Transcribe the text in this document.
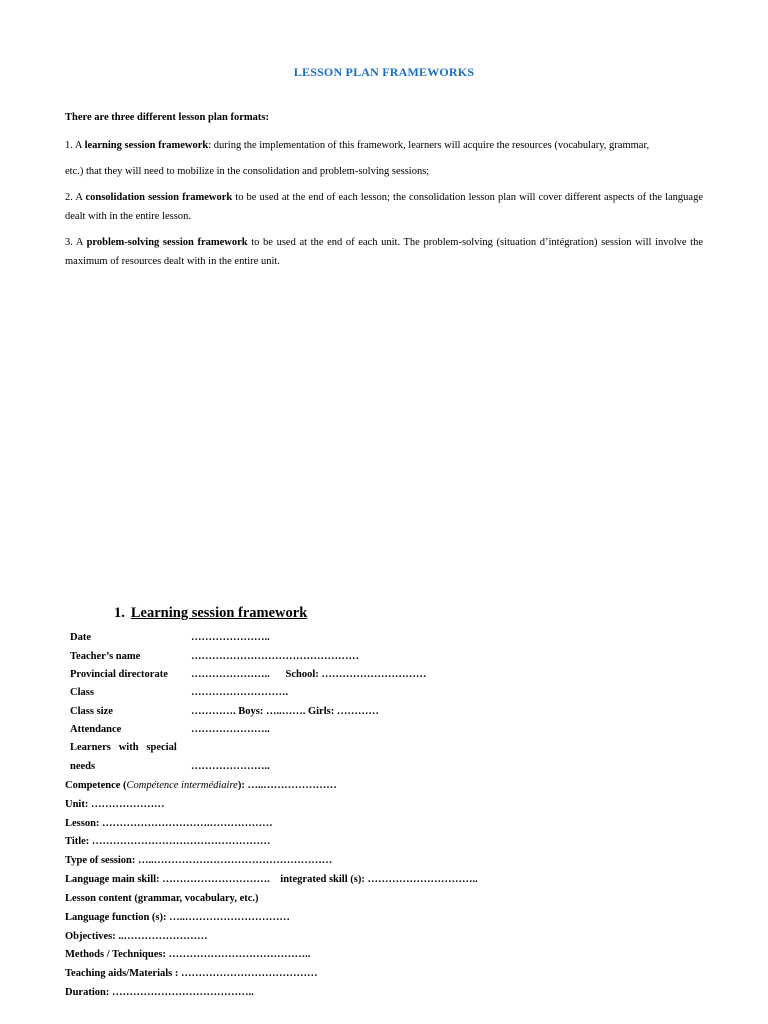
LESSON PLAN FRAMEWORKS
There are three different lesson plan formats:
1. A learning session framework: during the implementation of this framework, learners will acquire the resources (vocabulary, grammar,
etc.) that they will need to mobilize in the consolidation and problem-solving sessions;
2. A consolidation session framework to be used at the end of each lesson; the consolidation lesson plan will cover different aspects of the language dealt with in the entire lesson.
3. A problem-solving session framework to be used at the end of each unit. The problem-solving (situation d’intégration) session will involve the maximum of resources dealt with in the entire unit.
1. Learning session framework
Date	…………………..
Teacher’s name	…………………………………………
Provincial directorate …………………..      School: …………………………
Class	……………………….
Class size	…………. Boys: …..……. Girls: …………
Attendance	…………………..
Learners   with   special
needs	…………………..
Competence (Compétence intermédiaire): …..…………………
Unit: …………………
Lesson: ………………………….………………
Title: ……………………………………………
Type of session: …..……………………………………………
Language main skill: ………………………….    integrated skill (s): …………………………..
Lesson content (grammar, vocabulary, etc.)
Language function (s): …..…………………………
Objectives: ..……………………
Methods / Techniques: …………………………………..
Teaching aids/Materials : …………………………………
Duration: …………………………………..
